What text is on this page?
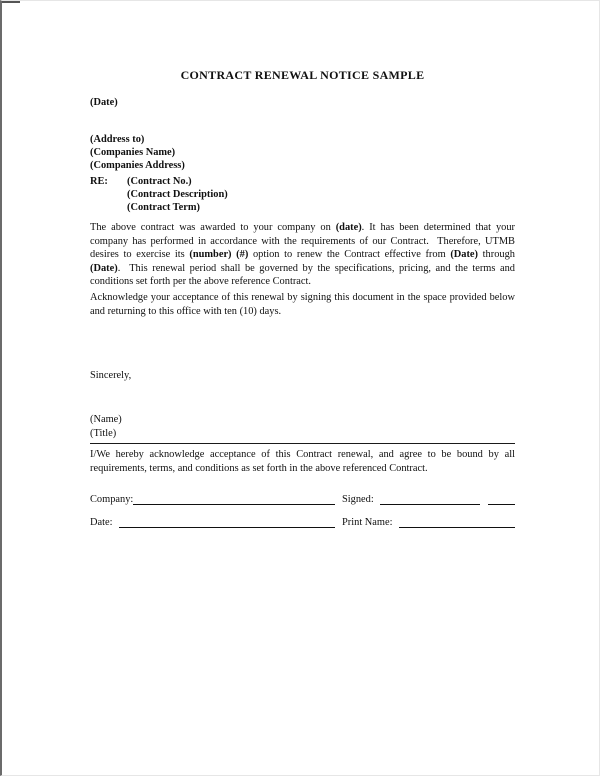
CONTRACT RENEWAL NOTICE SAMPLE
(Date)
(Address to)
(Companies Name)
(Companies Address)
RE:	(Contract No.)
(Contract Description)
(Contract Term)

The above contract was awarded to your company on (date). It has been determined that your company has performed in accordance with the requirements of our Contract.  Therefore, UTMB desires to exercise its (number) (#) option to renew the Contract effective from (Date) through (Date).  This renewal period shall be governed by the specifications, pricing, and the terms and conditions set forth per the above reference Contract.

Acknowledge your acceptance of this renewal by signing this document in the space provided below and returning to this office with ten (10) days.

Sincerely,
(Name)
(Title)

I/We hereby acknowledge acceptance of this Contract renewal, and agree to be bound by all requirements, terms, and conditions as set forth in the above referenced Contract.

Company:	Signed:
Date:	Print Name:
